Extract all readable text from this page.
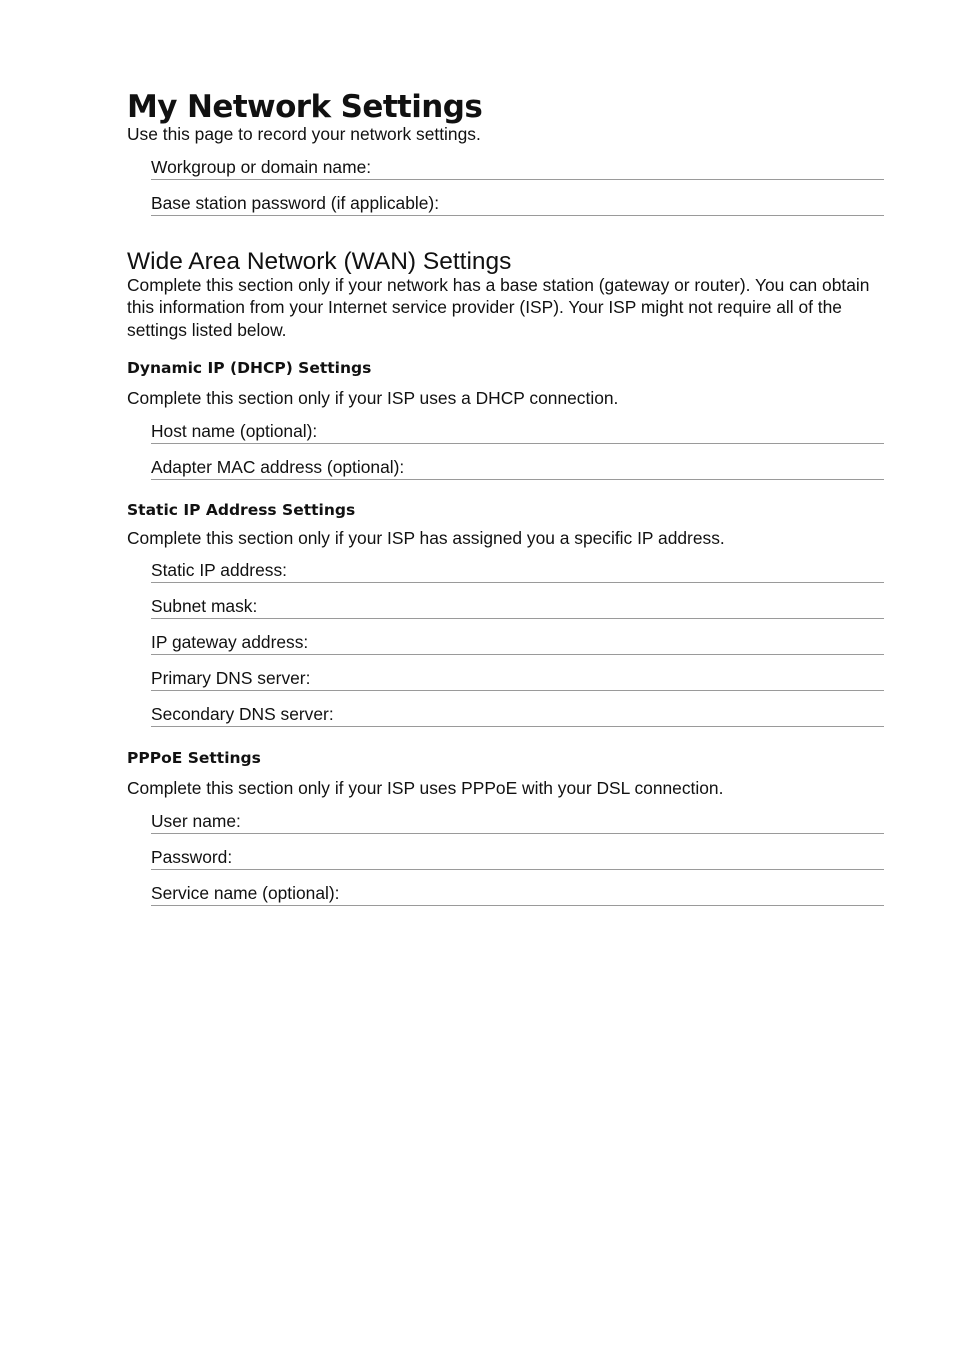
My Network Settings

Use this page to record your network settings.

Workgroup or domain name:
Base station password (if applicable):
Wide Area Network (WAN) Settings

Complete this section only if your network has a base station (gateway or router). You can obtain this information from your Internet service provider (ISP). Your ISP might not require all of the settings listed below.

Dynamic IP (DHCP) Settings

Complete this section only if your ISP uses a DHCP connection.

Host name (optional):
Adapter MAC address (optional):
Static IP Address Settings

Complete this section only if your ISP has assigned you a specific IP address.

Static IP address:
Subnet mask:
IP gateway address:
Primary DNS server:
Secondary DNS server:
PPPoE Settings

Complete this section only if your ISP uses PPPoE with your DSL connection.

User name:
Password:
Service name (optional):
